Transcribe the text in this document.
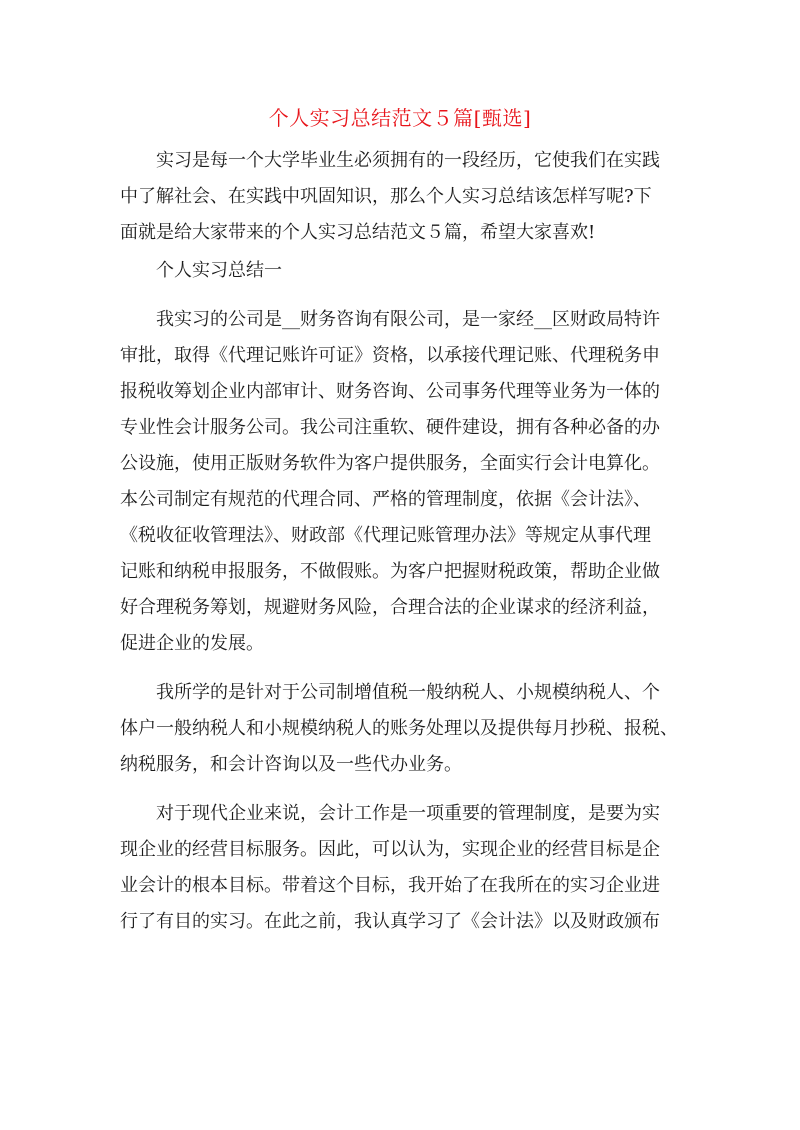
个人实习总结范文５篇[甄选]
　　实习是每一个大学毕业生必须拥有的一段经历，它使我们在实践
中了解社会、在实践中巩固知识，那么个人实习总结该怎样写呢?下
面就是给大家带来的个人实习总结范文５篇，希望大家喜欢!
　　个人实习总结一
　　我实习的公司是__财务咨询有限公司，是一家经__区财政局特许
审批，取得《代理记账许可证》资格，以承接代理记账、代理税务申
报税收筹划企业内部审计、财务咨询、公司事务代理等业务为一体的
专业性会计服务公司。我公司注重软、硬件建设，拥有各种必备的办
公设施，使用正版财务软件为客户提供服务，全面实行会计电算化。
本公司制定有规范的代理合同、严格的管理制度，依据《会计法》、
《税收征收管理法》、财政部《代理记账管理办法》等规定从事代理
记账和纳税申报服务，不做假账。为客户把握财税政策，帮助企业做
好合理税务筹划，规避财务风险，合理合法的企业谋求的经济利益，
促进企业的发展。
　　我所学的是针对于公司制增值税一般纳税人、小规模纳税人、个
体户一般纳税人和小规模纳税人的账务处理以及提供每月抄税、报税、
纳税服务，和会计咨询以及一些代办业务。
　　对于现代企业来说，会计工作是一项重要的管理制度，是要为实
现企业的经营目标服务。因此，可以认为，实现企业的经营目标是企
业会计的根本目标。带着这个目标，我开始了在我所在的实习企业进
行了有目的实习。在此之前，我认真学习了《会计法》以及财政颁布
